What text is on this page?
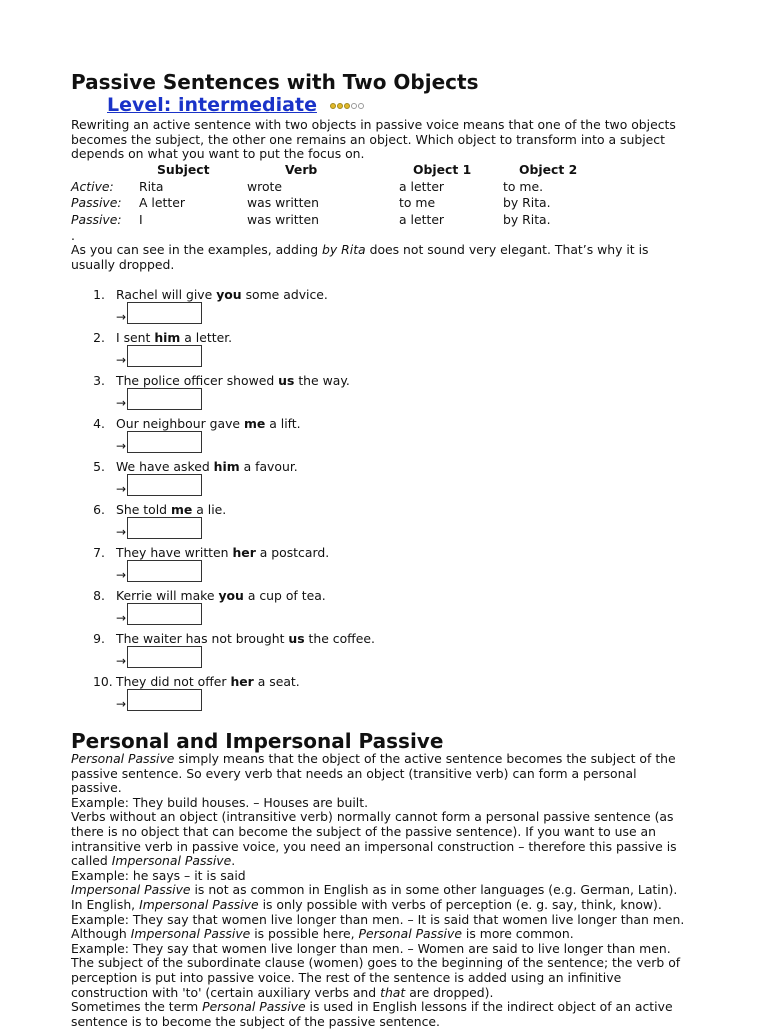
Passive Sentences with Two Objects
Level: intermediate
Rewriting an active sentence with two objects in passive voice means that one of the two objects
becomes the subject, the other one remains an object. Which object to transform into a subject
depends on what you want to put the focus on.
	Subject	Verb	Object 1	Object 2
Active:	Rita	wrote	a letter	to me.
Passive:	A letter	was written	to me	by Rita.
Passive:	I	was written	a letter	by Rita.
.
As you can see in the examples, adding by Rita does not sound very elegant. That’s why it is
usually dropped.
1. Rachel will give you some advice.
→
2. I sent him a letter.
→
3. The police officer showed us the way.
→
4. Our neighbour gave me a lift.
→
5. We have asked him a favour.
→
6. She told me a lie.
→
7. They have written her a postcard.
→
8. Kerrie will make you a cup of tea.
→
9. The waiter has not brought us the coffee.
→
10. They did not offer her a seat.
→
Personal and Impersonal Passive

Personal Passive simply means that the object of the active sentence becomes the subject of the

passive sentence. So every verb that needs an object (transitive verb) can form a personal

passive.

Example: They build houses. – Houses are built.

Verbs without an object (intransitive verb) normally cannot form a personal passive sentence (as

there is no object that can become the subject of the passive sentence). If you want to use an

intransitive verb in passive voice, you need an impersonal construction – therefore this passive is

called Impersonal Passive.

Example: he says – it is said

Impersonal Passive is not as common in English as in some other languages (e.g. German, Latin).

In English, Impersonal Passive is only possible with verbs of perception (e. g. say, think, know).

Example: They say that women live longer than men. – It is said that women live longer than men.

Although Impersonal Passive is possible here, Personal Passive is more common.

Example: They say that women live longer than men. – Women are said to live longer than men.

The subject of the subordinate clause (women) goes to the beginning of the sentence; the verb of

perception is put into passive voice. The rest of the sentence is added using an infinitive

construction with 'to' (certain auxiliary verbs and that are dropped).

Sometimes the term Personal Passive is used in English lessons if the indirect object of an active

sentence is to become the subject of the passive sentence.
